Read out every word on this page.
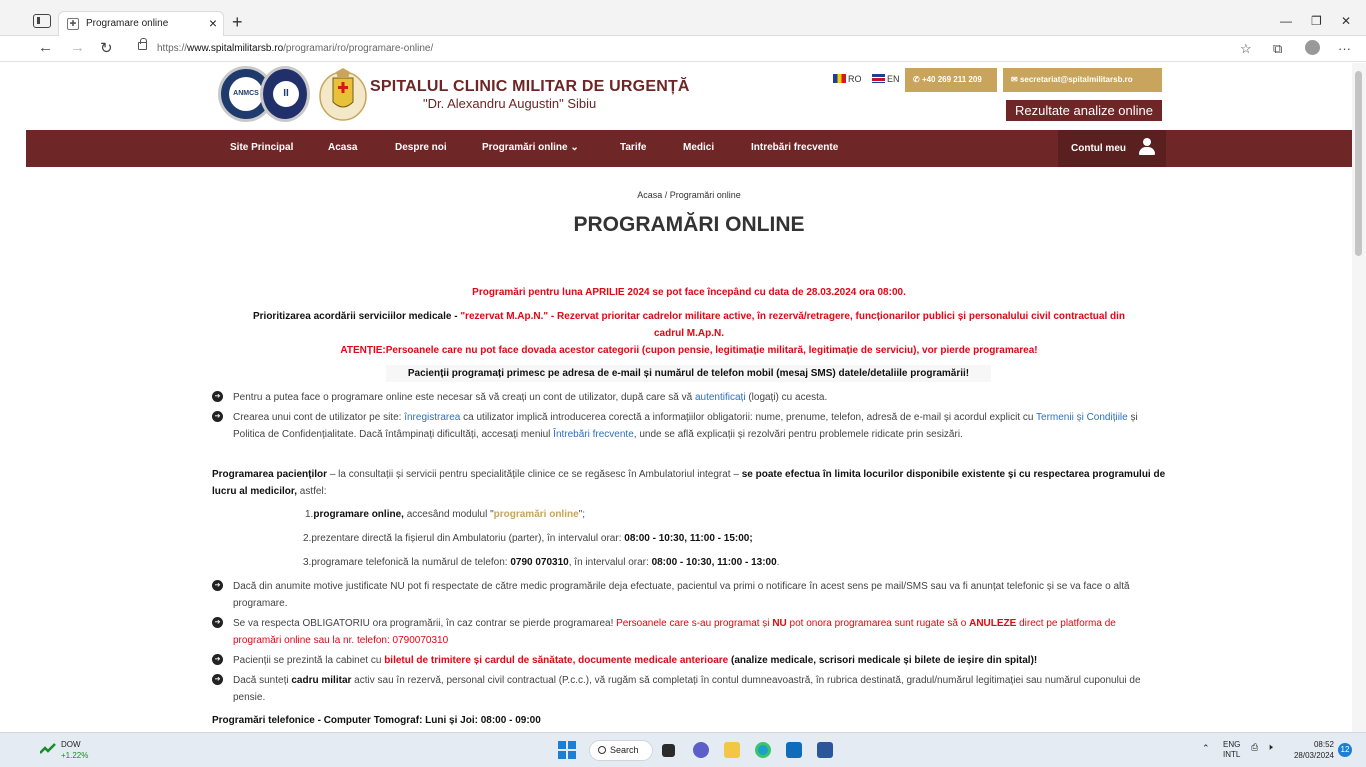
✚ Programare online	× +	— ❐ ✕
← → ↻	https://www.spitalmilitarsb.ro/programari/ro/programare-online/	☆ ⧉	···
ANMCS	II	SPITALUL CLINIC MILITAR DE URGENȚĂ
"Dr. Alexandru Augustin" Sibiu
RO	EN	✆ +40 269 211 209	✉ secretariat@spitalmilitarsb.ro
Rezultate analize online
Site Principal	Acasa	Despre noi	Programări online ⌄	Tarife	Medici	Intrebări frecvente	Contul meu
Acasa / Programări online
PROGRAMĂRI ONLINE
Programări pentru luna APRILIE 2024 se pot face începând cu data de 28.03.2024 ora 08:00.
Prioritizarea acordării serviciilor medicale - "rezervat M.Ap.N." - Rezervat prioritar cadrelor militare active, în rezervă/retragere, funcționarilor publici și personalului civil contractual din
cadrul M.Ap.N.
ATENȚIE:Persoanele care nu pot face dovada acestor categorii (cupon pensie, legitimație militară, legitimație de serviciu), vor pierde programarea!
Pacienții programați primesc pe adresa de e-mail și numărul de telefon mobil (mesaj SMS) datele/detaliile programării!
➔ Pentru a putea face o programare online este necesar să vă creați un cont de utilizator, după care să vă autentificați (logați) cu acesta.
➔ Crearea unui cont de utilizator pe site: înregistrarea ca utilizator implică introducerea corectă a informațiilor obligatorii: nume, prenume, telefon, adresă de e-mail și acordul explicit cu Termenii și Condițiile și Politica de Confidențialitate. Dacă întâmpinați dificultăți, accesați meniul Întrebări frecvente, unde se află explicații și rezolvări pentru problemele ridicate prin sesizări.
Programarea pacienților – la consultații și servicii pentru specialitățile clinice ce se regăsesc în Ambulatoriul integrat – se poate efectua în limita locurilor disponibile existente și cu respectarea programului de lucru al medicilor, astfel:
1.programare online, accesând modulul "programări online";
2.prezentare directă la fișierul din Ambulatoriu (parter), în intervalul orar: 08:00 - 10:30, 11:00 - 15:00;
3.programare telefonică la numărul de telefon: 0790 070310, în intervalul orar: 08:00 - 10:30, 11:00 - 13:00.
➔ Dacă din anumite motive justificate NU pot fi respectate de către medic programările deja efectuate, pacientul va primi o notificare în acest sens pe mail/SMS sau va fi anunțat telefonic și se va face o altă programare.
➔ Se va respecta OBLIGATORIU ora programării, în caz contrar se pierde programarea! Persoanele care s-au programat și NU pot onora programarea sunt rugate să o ANULEZE direct pe platforma de programări online sau la nr. telefon: 0790070310
➔ Pacienții se prezintă la cabinet cu biletul de trimitere și cardul de sănătate, documente medicale anterioare (analize medicale, scrisori medicale și bilete de ieșire din spital)!
➔ Dacă sunteți cadru militar activ sau în rezervă, personal civil contractual (P.c.c.), vă rugăm să completați în contul dumneavoastră, în rubrica destinată, gradul/numărul legitimației sau numărul cuponului de pensie.
Programări telefonice - Computer Tomograf: Luni și Joi: 08:00 - 09:00
DOW
+1.22%
Search	⌃ ENG
INTL
⎙ 🕨	08:52
28/03/2024
12
